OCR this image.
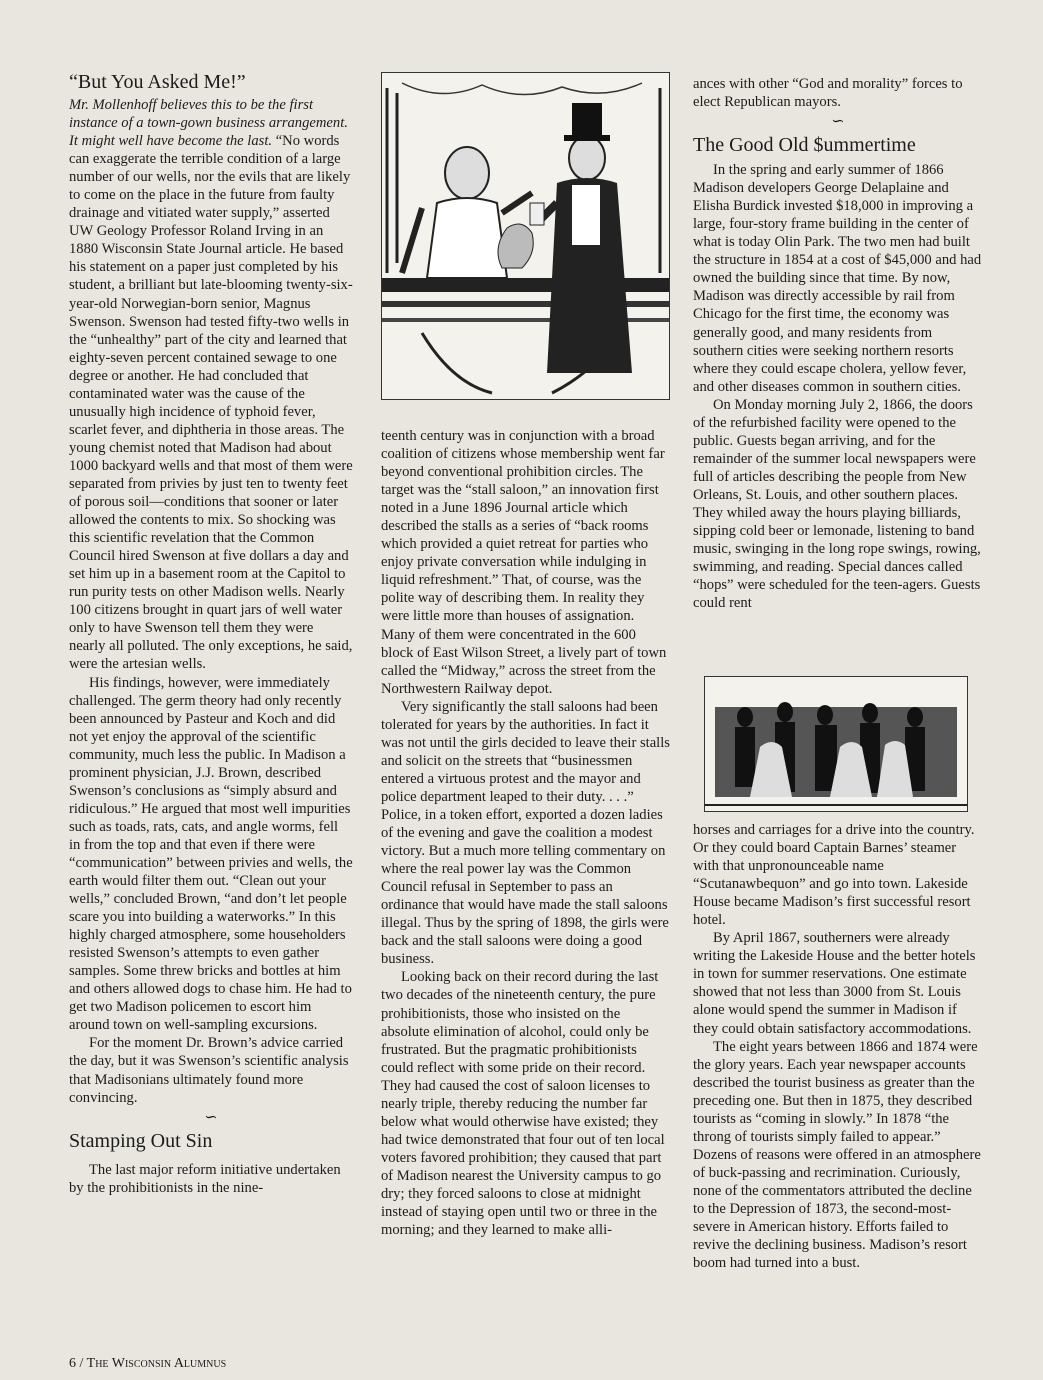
“But You Asked Me!”

Mr. Mollenhoff believes this to be the first instance of a town-gown business arrangement. It might well have become the last. “No words can exaggerate the terrible condition of a large number of our wells, nor the evils that are likely to come on the place in the future from faulty drainage and vitiated water supply,” asserted UW Geology Professor Roland Irving in an 1880 Wisconsin State Journal article. He based his statement on a paper just completed by his student, a brilliant but late-blooming twenty-six-year-old Norwegian-born senior, Magnus Swenson. Swenson had tested fifty-two wells in the “unhealthy” part of the city and learned that eighty-seven percent contained sewage to one degree or another. He had concluded that contaminated water was the cause of the unusually high incidence of typhoid fever, scarlet fever, and diphtheria in those areas. The young chemist noted that Madison had about 1000 backyard wells and that most of them were separated from privies by just ten to twenty feet of porous soil—conditions that sooner or later allowed the contents to mix. So shocking was this scientific revelation that the Common Council hired Swenson at five dollars a day and set him up in a basement room at the Capitol to run purity tests on other Madison wells. Nearly 100 citizens brought in quart jars of well water only to have Swenson tell them they were nearly all polluted. The only exceptions, he said, were the artesian wells.

His findings, however, were immediately challenged. The germ theory had only recently been announced by Pasteur and Koch and did not yet enjoy the approval of the scientific community, much less the public. In Madison a prominent physician, J.J. Brown, described Swenson’s conclusions as “simply absurd and ridiculous.” He argued that most well impurities such as toads, rats, cats, and angle worms, fell in from the top and that even if there were “communication” between privies and wells, the earth would filter them out. “Clean out your wells,” concluded Brown, “and don’t let people scare you into building a waterworks.” In this highly charged atmosphere, some householders resisted Swenson’s attempts to even gather samples. Some threw bricks and bottles at him and others allowed dogs to chase him. He had to get two Madison policemen to escort him around town on well-sampling excursions.

For the moment Dr. Brown’s advice carried the day, but it was Swenson’s scientific analysis that Madisonians ultimately found more convincing.

∽
Stamping Out Sin

The last major reform initiative undertaken by the prohibitionists in the nine-

teenth century was in conjunction with a broad coalition of citizens whose membership went far beyond conventional prohibition circles. The target was the “stall saloon,” an innovation first noted in a June 1896 Journal article which described the stalls as a series of “back rooms which provided a quiet retreat for parties who enjoy private conversation while indulging in liquid refreshment.” That, of course, was the polite way of describing them. In reality they were little more than houses of assignation. Many of them were concentrated in the 600 block of East Wilson Street, a lively part of town called the “Midway,” across the street from the Northwestern Railway depot.

Very significantly the stall saloons had been tolerated for years by the authorities. In fact it was not until the girls decided to leave their stalls and solicit on the streets that “businessmen entered a virtuous protest and the mayor and police department leaped to their duty. . . .” Police, in a token effort, exported a dozen ladies of the evening and gave the coalition a modest victory. But a much more telling commentary on where the real power lay was the Common Council refusal in September to pass an ordinance that would have made the stall saloons illegal. Thus by the spring of 1898, the girls were back and the stall saloons were doing a good business.

Looking back on their record during the last two decades of the nineteenth century, the pure prohibitionists, those who insisted on the absolute elimination of alcohol, could only be frustrated. But the pragmatic prohibitionists could reflect with some pride on their record. They had caused the cost of saloon licenses to nearly triple, thereby reducing the number far below what would otherwise have existed; they had twice demonstrated that four out of ten local voters favored prohibition; they caused that part of Madison nearest the University campus to go dry; they forced saloons to close at midnight instead of staying open until two or three in the morning; and they learned to make alli-

ances with other “God and morality” forces to elect Republican mayors.

∽
The Good Old $ummertime

In the spring and early summer of 1866 Madison developers George Delaplaine and Elisha Burdick invested $18,000 in improving a large, four-story frame building in the center of what is today Olin Park. The two men had built the structure in 1854 at a cost of $45,000 and had owned the building since that time. By now, Madison was directly accessible by rail from Chicago for the first time, the economy was generally good, and many residents from southern cities were seeking northern resorts where they could escape cholera, yellow fever, and other diseases common in southern cities.

On Monday morning July 2, 1866, the doors of the refurbished facility were opened to the public. Guests began arriving, and for the remainder of the summer local newspapers were full of articles describing the people from New Orleans, St. Louis, and other southern places. They whiled away the hours playing billiards, sipping cold beer or lemonade, listening to band music, swinging in the long rope swings, rowing, swimming, and reading. Special dances called “hops” were scheduled for the teen-agers. Guests could rent

horses and carriages for a drive into the country. Or they could board Captain Barnes’ steamer with that unpronounceable name “Scutanawbequon” and go into town. Lakeside House became Madison’s first successful resort hotel.

By April 1867, southerners were already writing the Lakeside House and the better hotels in town for summer reservations. One estimate showed that not less than 3000 from St. Louis alone would spend the summer in Madison if they could obtain satisfactory accommodations.

The eight years between 1866 and 1874 were the glory years. Each year newspaper accounts described the tourist business as greater than the preceding one. But then in 1875, they described tourists as “coming in slowly.” In 1878 “the throng of tourists simply failed to appear.” Dozens of reasons were offered in an atmosphere of buck-passing and recrimination. Curiously, none of the commentators attributed the decline to the Depression of 1873, the second-most-severe in American history. Efforts failed to revive the declining business. Madison’s resort boom had turned into a bust.

6 / The Wisconsin Alumnus
